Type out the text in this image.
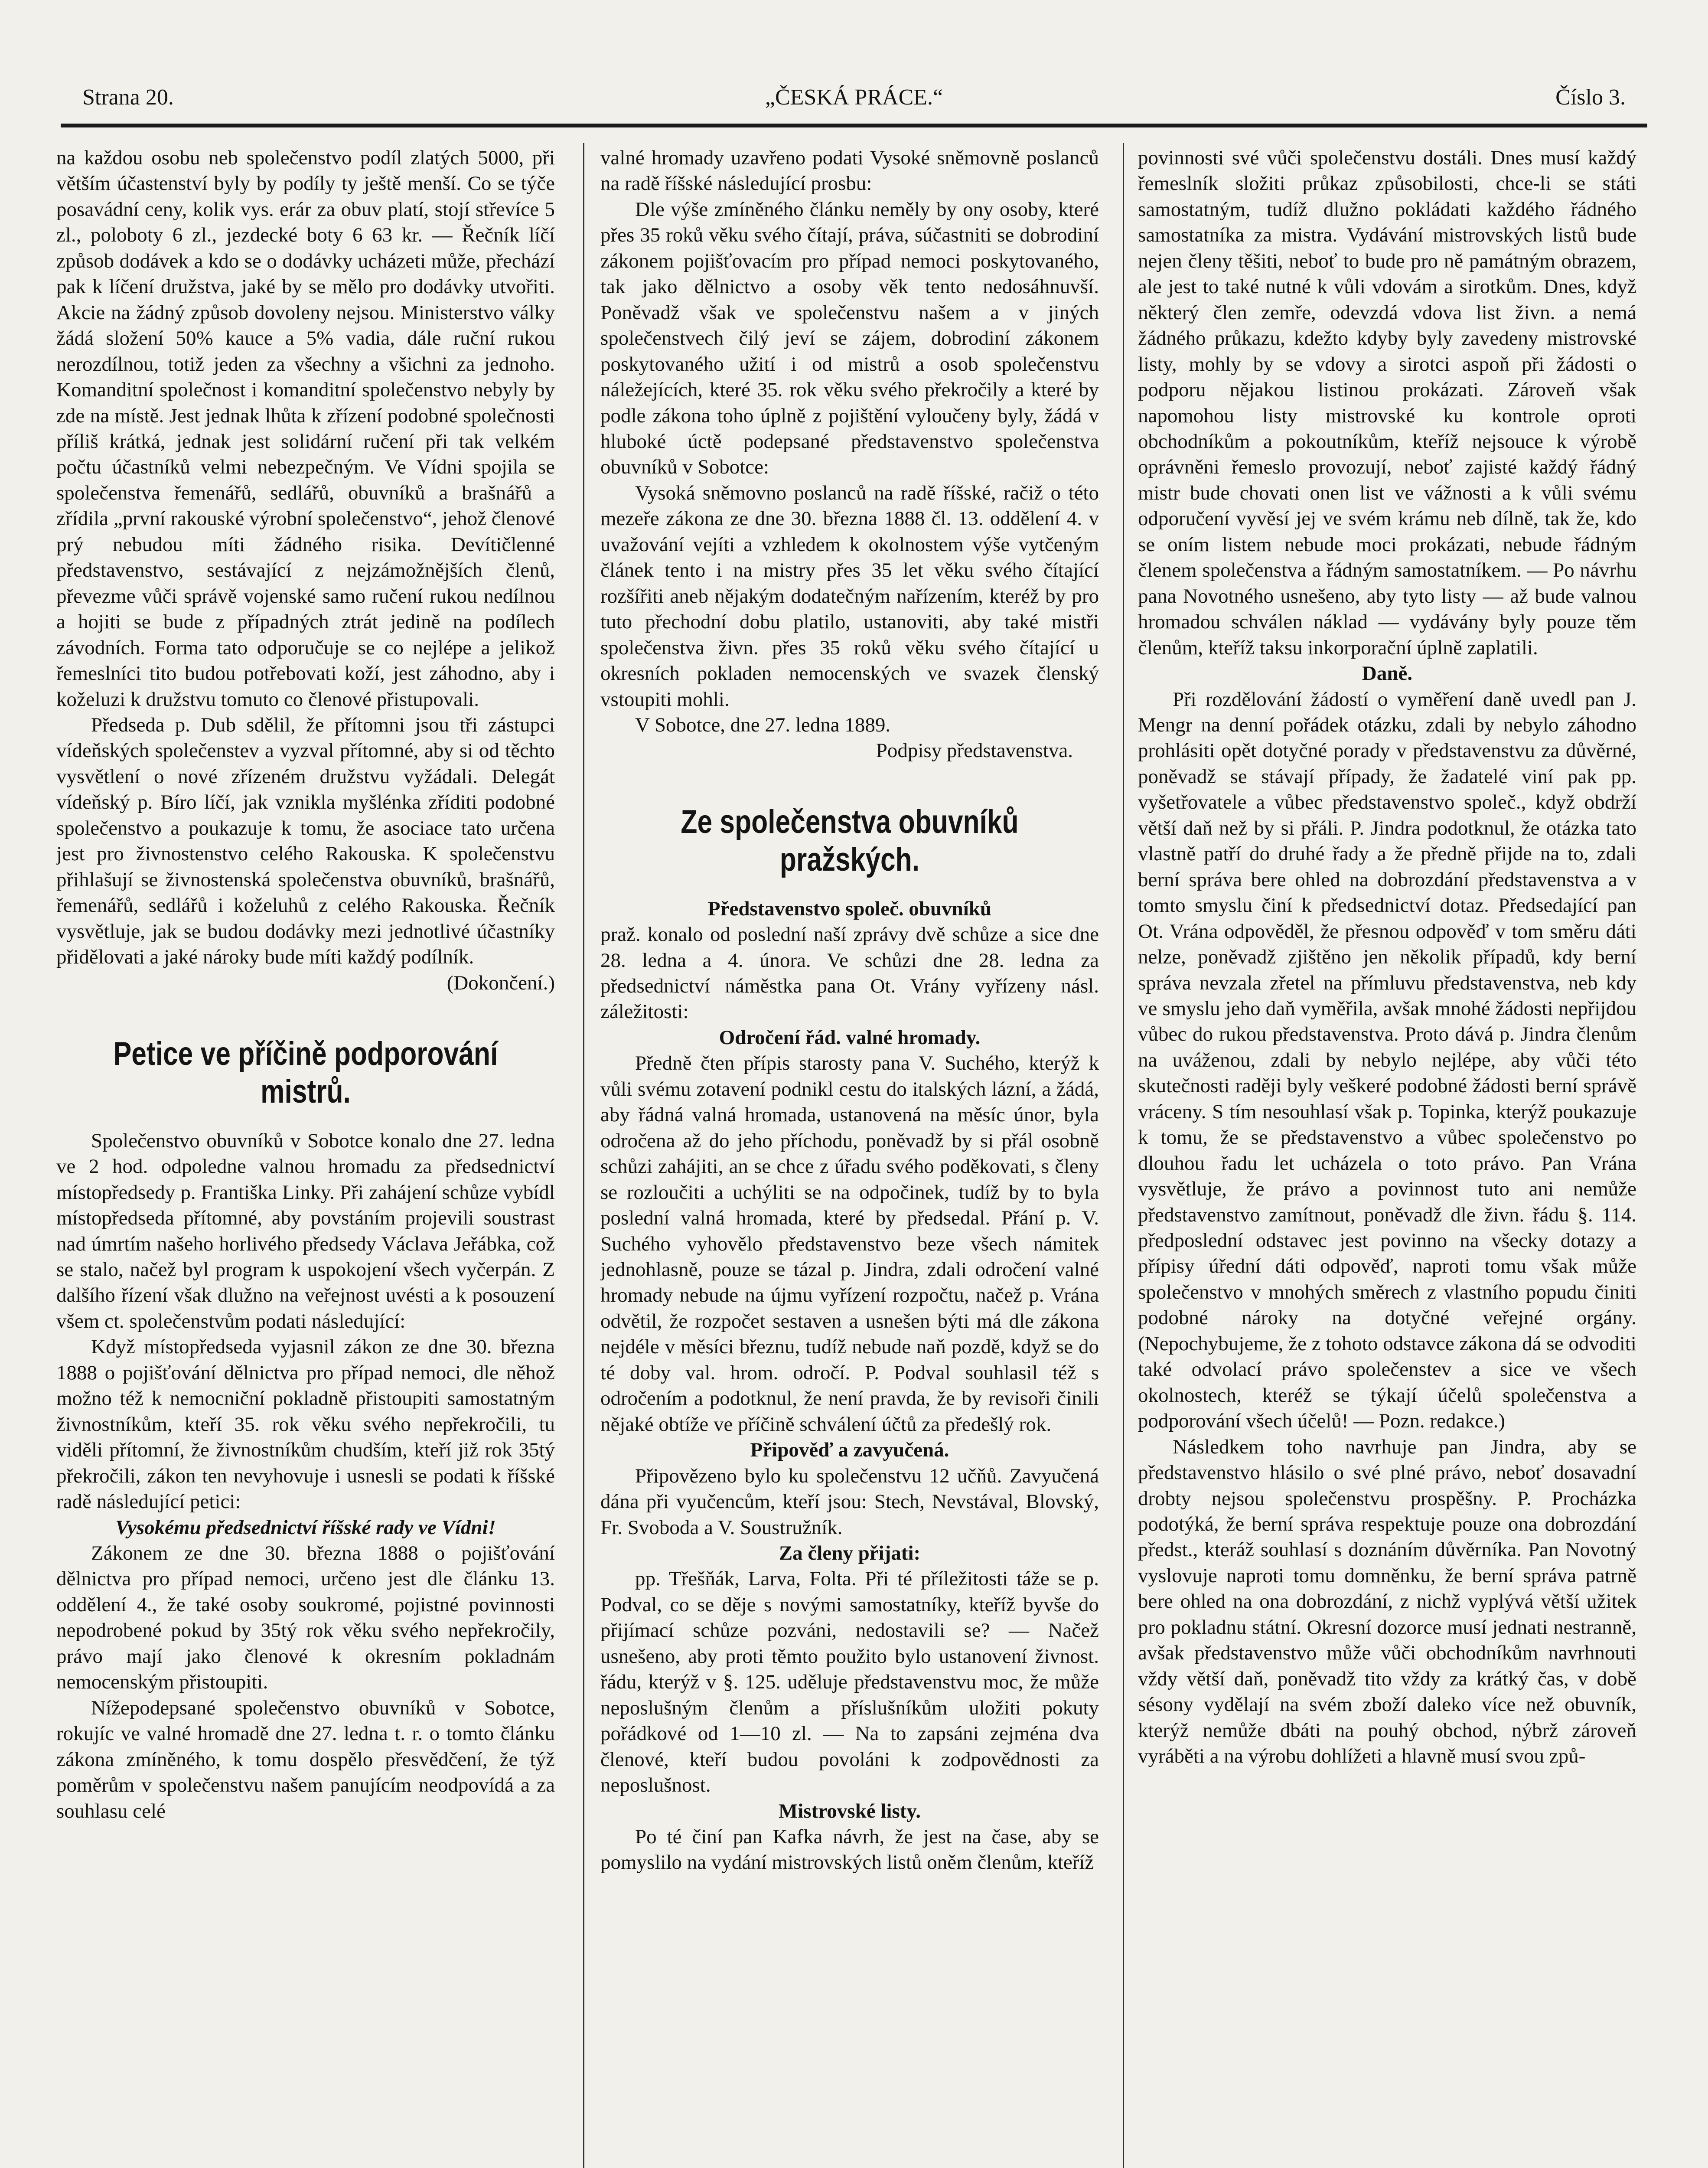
Strana 20.	„ČESKÁ PRÁCE.“	Číslo 3.

na každou osobu neb společenstvo podíl zlatých 5000, při větším účastenství byly by podíly ty ještě menší. Co se týče posavádní ceny, kolik vys. erár za obuv platí, stojí střevíce 5 zl., poloboty 6 zl., jezdecké boty 6 63 kr. — Řečník líčí způsob dodávek a kdo se o dodávky ucházeti může, přechází pak k líčení družstva, jaké by se mělo pro dodávky utvořiti. Akcie na žádný způsob dovoleny nejsou. Ministerstvo války žádá složení 50% kauce a 5% vadia, dále ruční rukou nerozdílnou, totiž jeden za všechny a všichni za jednoho. Komanditní společnost i komanditní společenstvo nebyly by zde na místě. Jest jednak lhůta k zřízení podobné společnosti příliš krátká, jednak jest solidární ručení při tak velkém počtu účastníků velmi nebezpečným. Ve Vídni spojila se společenstva řemenářů, sedlářů, obuvníků a brašnářů a zřídila „první rakouské výrobní společenstvo“, jehož členové prý nebudou míti žádného risika. Devítičlenné představenstvo, sestávající z nejzámožnějších členů, převezme vůči správě vojenské samo ručení rukou nedílnou a hojiti se bude z případných ztrát jedině na podílech závodních. Forma tato odporučuje se co nejlépe a jelikož řemeslníci tito budou potřebovati koží, jest záhodno, aby i koželuzi k družstvu tomuto co členové přistupovali.

Předseda p. Dub sdělil, že přítomni jsou tři zástupci vídeňských společenstev a vyzval přítomné, aby si od těchto vysvětlení o nové zřízeném družstvu vyžádali. Delegát vídeňský p. Bíro líčí, jak vznikla myšlénka zříditi podobné společenstvo a poukazuje k tomu, že asociace tato určena jest pro živnostenstvo celého Rakouska. K společenstvu přihlašují se živnostenská společenstva obuvníků, brašnářů, řemenářů, sedlářů i koželuhů z celého Rakouska. Řečník vysvětluje, jak se budou dodávky mezi jednotlivé účastníky přidělovati a jaké nároky bude míti každý podílník.

(Dokončení.)

Petice ve příčině podporování mistrů.

Společenstvo obuvníků v Sobotce konalo dne 27. ledna ve 2 hod. odpoledne valnou hromadu za předsednictví místopředsedy p. Františka Linky. Při zahájení schůze vybídl místopředseda přítomné, aby povstáním projevili soustrast nad úmrtím našeho horlivého předsedy Václava Jeřábka, což se stalo, načež byl program k uspokojení všech vyčerpán. Z dalšího řízení však dlužno na veřejnost uvésti a k posouzení všem ct. společenstvům podati následující:

Když místopředseda vyjasnil zákon ze dne 30. března 1888 o pojišťování dělnictva pro případ nemoci, dle něhož možno též k nemocniční pokladně přistoupiti samostatným živnostníkům, kteří 35. rok věku svého nepřekročili, tu viděli přítomní, že živnostníkům chudším, kteří již rok 35tý překročili, zákon ten nevyhovuje i usnesli se podati k říšské radě následující petici:

Vysokému předsednictví říšské rady ve Vídni!

Zákonem ze dne 30. března 1888 o pojišťování dělnictva pro případ nemoci, určeno jest dle článku 13. oddělení 4., že také osoby soukromé, pojistné povinnosti nepodrobené pokud by 35tý rok věku svého nepřekročily, právo mají jako členové k okresním pokladnám nemocenským přistoupiti.

Nížepodepsané společenstvo obuvníků v Sobotce, rokujíc ve valné hromadě dne 27. ledna t. r. o tomto článku zákona zmíněného, k tomu dospělo přesvědčení, že týž poměrům v společenstvu našem panujícím neodpovídá a za souhlasu celé

valné hromady uzavřeno podati Vysoké sněmovně poslanců na radě říšské následující prosbu:

Dle výše zmíněného článku neměly by ony osoby, které přes 35 roků věku svého čítají, práva, súčastniti se dobrodiní zákonem pojišťovacím pro případ nemoci poskytovaného, tak jako dělnictvo a osoby věk tento nedosáhnuvší. Poněvadž však ve společenstvu našem a v jiných společenstvech čilý jeví se zájem, dobrodiní zákonem poskytovaného užití i od mistrů a osob společenstvu náležejících, které 35. rok věku svého překročily a které by podle zákona toho úplně z pojištění vyloučeny byly, žádá v hluboké úctě podepsané představenstvo společenstva obuvníků v Sobotce:

Vysoká sněmovno poslanců na radě říšské, račiž o této mezeře zákona ze dne 30. března 1888 čl. 13. oddělení 4. v uvažování vejíti a vzhledem k okolnostem výše vytčeným článek tento i na mistry přes 35 let věku svého čítající rozšířiti aneb nějakým dodatečným nařízením, kteréž by pro tuto přechodní dobu platilo, ustanoviti, aby také mistři společenstva živn. přes 35 roků věku svého čítající u okresních pokladen nemocenských ve svazek členský vstoupiti mohli.

V Sobotce, dne 27. ledna 1889.

Podpisy představenstva.

Ze společenstva obuvníků pražských.

Představenstvo společ. obuvníků

praž. konalo od poslední naší zprávy dvě schůze a sice dne 28. ledna a 4. února. Ve schůzi dne 28. ledna za předsednictví náměstka pana Ot. Vrány vyřízeny násl. záležitosti:

Odročení řád. valné hromady.

Předně čten přípis starosty pana V. Suchého, kterýž k vůli svému zotavení podnikl cestu do italských lázní, a žádá, aby řádná valná hromada, ustanovená na měsíc únor, byla odročena až do jeho příchodu, poněvadž by si přál osobně schůzi zahájiti, an se chce z úřadu svého poděkovati, s členy se rozloučiti a uchýliti se na odpočinek, tudíž by to byla poslední valná hromada, které by předsedal. Přání p. V. Suchého vyhovělo představenstvo beze všech námitek jednohlasně, pouze se tázal p. Jindra, zdali odročení valné hromady nebude na újmu vyřízení rozpočtu, načež p. Vrána odvětil, že rozpočet sestaven a usnešen býti má dle zákona nejdéle v měsíci březnu, tudíž nebude naň pozdě, když se do té doby val. hrom. odročí. P. Podval souhlasil též s odročením a podotknul, že není pravda, že by revisoři činili nějaké obtíže ve příčině schválení účtů za předešlý rok.

Připověď a zavyučená.

Připovězeno bylo ku společenstvu 12 učňů. Zavyučená dána při vyučencům, kteří jsou: Stech, Nevstával, Blovský, Fr. Svoboda a V. Soustružník.

Za členy přijati:

pp. Třešňák, Larva, Folta. Při té příležitosti táže se p. Podval, co se děje s novými samostatníky, kteříž byvše do přijímací schůze pozváni, nedostavili se? — Načež usnešeno, aby proti těmto použito bylo ustanovení živnost. řádu, kterýž v §. 125. uděluje představenstvu moc, že může neposlušným členům a příslušníkům uložiti pokuty pořádkové od 1—10 zl. — Na to zapsáni zejména dva členové, kteří budou povoláni k zodpovědnosti za neposlušnost.

Mistrovské listy.

Po té činí pan Kafka návrh, že jest na čase, aby se pomyslilo na vydání mistrovských listů oněm členům, kteříž

povinnosti své vůči společenstvu dostáli. Dnes musí každý řemeslník složiti průkaz způsobilosti, chce-li se státi samostatným, tudíž dlužno pokládati každého řádného samostatníka za mistra. Vydávání mistrovských listů bude nejen členy těšiti, neboť to bude pro ně památným obrazem, ale jest to také nutné k vůli vdovám a sirotkům. Dnes, když některý člen zemře, odevzdá vdova list živn. a nemá žádného průkazu, kdežto kdyby byly zavedeny mistrovské listy, mohly by se vdovy a sirotci aspoň při žádosti o podporu nějakou listinou prokázati. Zároveň však napomohou listy mistrovské ku kontrole oproti obchodníkům a pokoutníkům, kteříž nejsouce k výrobě oprávněni řemeslo provozují, neboť zajisté každý řádný mistr bude chovati onen list ve vážnosti a k vůli svému odporučení vyvěsí jej ve svém krámu neb dílně, tak že, kdo se oním listem nebude moci prokázati, nebude řádným členem společenstva a řádným samostatníkem. — Po návrhu pana Novotného usnešeno, aby tyto listy — až bude valnou hromadou schválen náklad — vydávány byly pouze těm členům, kteříž taksu inkorporační úplně zaplatili.

Daně.

Při rozdělování žádostí o vyměření daně uvedl pan J. Mengr na denní pořádek otázku, zdali by nebylo záhodno prohlásiti opět dotyčné porady v představenstvu za důvěrné, poněvadž se stávají případy, že žadatelé viní pak pp. vyšetřovatele a vůbec představenstvo společ., když obdrží větší daň než by si přáli. P. Jindra podotknul, že otázka tato vlastně patří do druhé řady a že předně přijde na to, zdali berní správa bere ohled na dobrozdání představenstva a v tomto smyslu činí k předsednictví dotaz. Předsedající pan Ot. Vrána odpověděl, že přesnou odpověď v tom směru dáti nelze, poněvadž zjištěno jen několik případů, kdy berní správa nevzala zřetel na přímluvu představenstva, neb kdy ve smyslu jeho daň vyměřila, avšak mnohé žádosti nepřijdou vůbec do rukou představenstva. Proto dává p. Jindra členům na uváženou, zdali by nebylo nejlépe, aby vůči této skutečnosti raději byly veškeré podobné žádosti berní správě vráceny. S tím nesouhlasí však p. Topinka, kterýž poukazuje k tomu, že se představenstvo a vůbec společenstvo po dlouhou řadu let ucházela o toto právo. Pan Vrána vysvětluje, že právo a povinnost tuto ani nemůže představenstvo zamítnout, poněvadž dle živn. řádu §. 114. předposlední odstavec jest povinno na všecky dotazy a přípisy úřední dáti odpověď, naproti tomu však může společenstvo v mnohých směrech z vlastního popudu činiti podobné nároky na dotyčné veřejné orgány. (Nepochybujeme, že z tohoto odstavce zákona dá se odvoditi také odvolací právo společenstev a sice ve všech okolnostech, kteréž se týkají účelů společenstva a podporování všech účelů! — Pozn. redakce.)

Následkem toho navrhuje pan Jindra, aby se představenstvo hlásilo o své plné právo, neboť dosavadní drobty nejsou společenstvu prospěšny. P. Procházka podotýká, že berní správa respektuje pouze ona dobrozdání předst., kteráž souhlasí s doznáním důvěrníka. Pan Novotný vyslovuje naproti tomu domněnku, že berní správa patrně bere ohled na ona dobrozdání, z nichž vyplývá větší užitek pro pokladnu státní. Okresní dozorce musí jednati nestranně, avšak představenstvo může vůči obchodníkům navrhnouti vždy větší daň, poněvadž tito vždy za krátký čas, v době sésony vydělají na svém zboží daleko více než obuvník, kterýž nemůže dbáti na pouhý obchod, nýbrž zároveň vyráběti a na výrobu dohlížeti a hlavně musí svou způ-
